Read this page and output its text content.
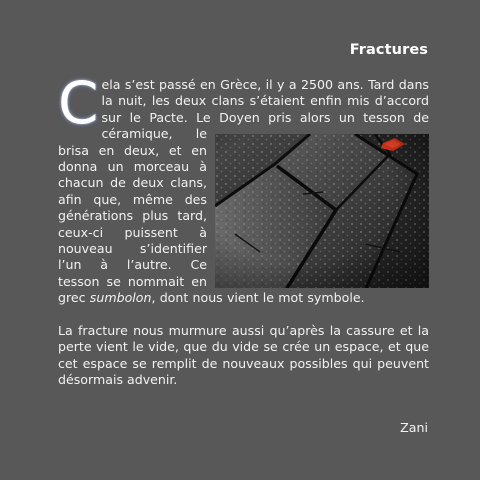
Fractures

Cela s’est passé en Grèce, il y a 2500 ans. Tard dans la nuit, les deux clans s’étaient enfin mis d’accord sur le Pacte. Le Doyen pris alors un tesson de céramique, le
brisa en deux, et en donna un morceau à chacun de deux clans, afin que, même des générations plus tard, ceux-ci puissent à nouveau s’identifier l’un à l’autre. Ce tesson se nommait en grec sumbolon, dont nous vient le mot symbole.

La fracture nous murmure aussi qu’après la cassure et la perte vient le vide, que du vide se crée un espace, et que cet espace se remplit de nouveaux possibles qui peuvent désormais advenir.

Zani
